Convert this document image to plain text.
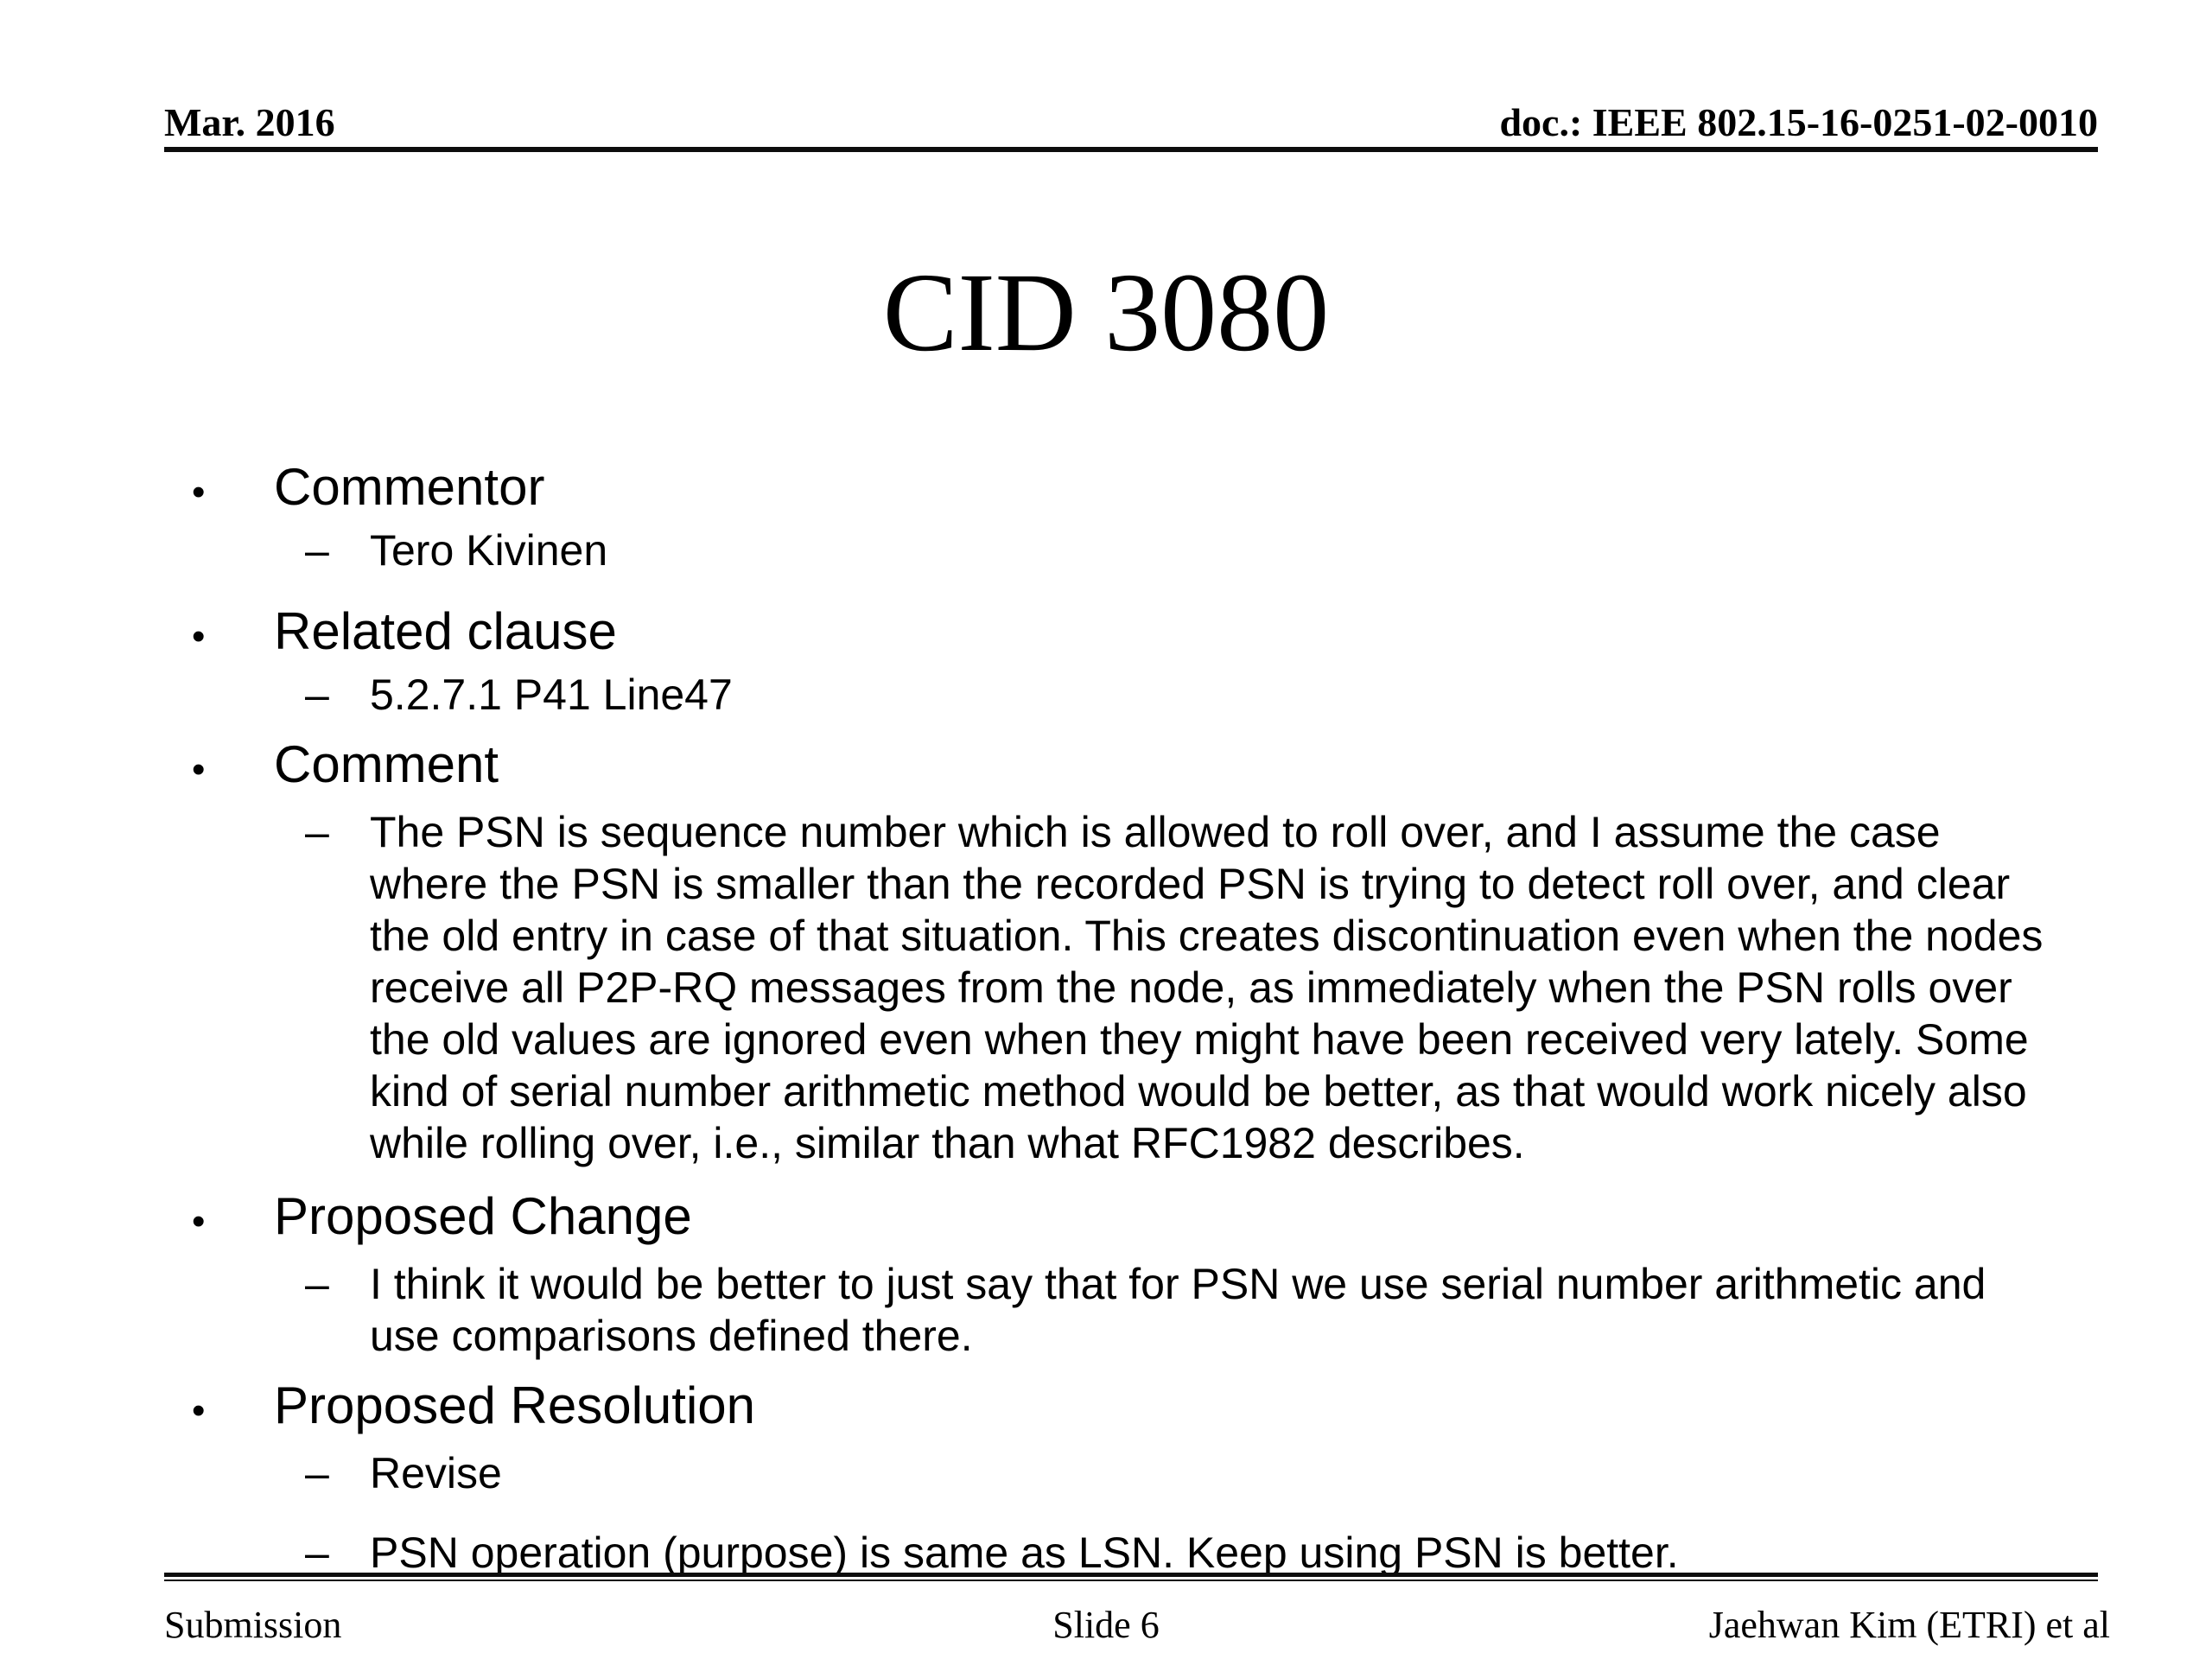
Mar. 2016	doc.: IEEE 802.15-16-0251-02-0010
CID 3080
•	Commentor
– Tero Kivinen
•	Related clause
– 5.2.7.1 P41 Line47
•	Comment
– The PSN is sequence number which is allowed to roll over, and I assume the case
where the PSN is smaller than the recorded PSN is trying to detect roll over, and clear
the old entry in case of that situation. This creates discontinuation even when the nodes
receive all P2P-RQ messages from the node, as immediately when the PSN rolls over
the old values are ignored even when they might have been received very lately. Some
kind of serial number arithmetic method would be better, as that would work nicely also
while rolling over, i.e., similar than what RFC1982 describes.
•	Proposed Change
– I think it would be better to just say that for PSN we use serial number arithmetic and
use comparisons defined there.
•	Proposed Resolution
– Revise
– PSN operation (purpose) is same as LSN. Keep using PSN is better.
Submission	Slide 6	Jaehwan Kim (ETRI) et al
